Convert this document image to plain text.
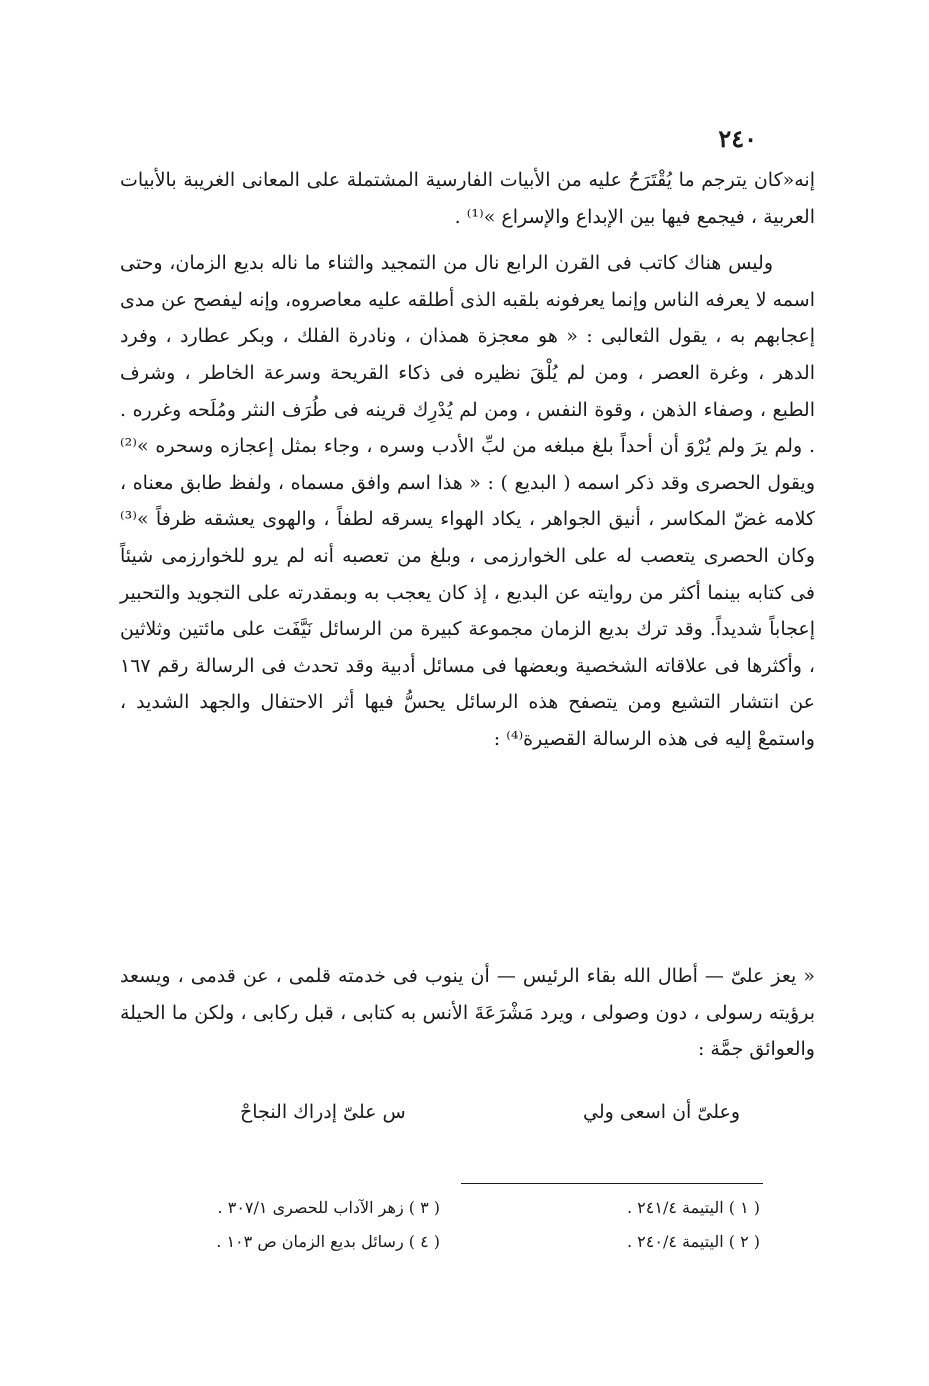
٢٤٠

إنه«كان يترجم ما يُقْتَرَحُ عليه من الأبيات الفارسية المشتملة على المعانى الغريبة بالأبيات العربية ، فيجمع فيها بين الإبداع والإسراع »⁽¹⁾ .

وليس هناك كاتب فى القرن الرابع نال من التمجيد والثناء ما ناله بديع الزمان، وحتى اسمه لا يعرفه الناس وإنما يعرفونه بلقبه الذى أطلقه عليه معاصروه، وإنه ليفصح عن مدى إعجابهم به ، يقول الثعالبى : « هو معجزة همذان ، ونادرة الفلك ، وبكر عطارد ، وفرد الدهر ، وغرة العصر ، ومن لم يُلْقَ نظيره فى ذكاء القريحة وسرعة الخاطر ، وشرف الطبع ، وصفاء الذهن ، وقوة النفس ، ومن لم يُدْرِك قرينه فى طُرَف النثر ومُلَحه وغرره . . ولم يرَ ولم يُرْوَ أن أحداً بلغ مبلغه من لبِّ الأدب وسره ، وجاء بمثل إعجازه وسحره »⁽²⁾ ويقول الحصرى وقد ذكر اسمه ( البديع ) : « هذا اسم وافق مسماه ، ولفظ طابق معناه ، كلامه غضّ المكاسر ، أنيق الجواهر ، يكاد الهواء يسرقه لطفاً ، والهوى يعشقه ظرفاً »⁽³⁾ وكان الحصرى يتعصب له على الخوارزمى ، وبلغ من تعصبه أنه لم يرو للخوارزمى شيئاً فى كتابه بينما أكثر من روايته عن البديع ، إذ كان يعجب به وبمقدرته على التجويد والتحبير إعجاباً شديداً. وقد ترك بديع الزمان مجموعة كبيرة من الرسائل نَيَّفَت على مائتين وثلاثين ، وأكثرها فى علاقاته الشخصية وبعضها فى مسائل أدبية وقد تحدث فى الرسالة رقم ١٦٧ عن انتشار التشيع ومن يتصفح هذه الرسائل يحسُّ فيها أثر الاحتفال والجهد الشديد ، واستمعْ إليه فى هذه الرسالة القصيرة⁽⁴⁾ :

« يعز علىّ — أطال الله بقاء الرئيس — أن ينوب فى خدمته قلمى ، عن قدمى ، ويسعد برؤيته رسولى ، دون وصولى ، ويرد مَشْرَعَةَ الأنس به كتابى ، قبل ركابى ، ولكن ما الحيلة والعوائق جمَّة :

وعلىّ أن اسعى ولي
س علىّ إدراك النجاحْ
( ١ ) اليتيمة ٢٤١/٤ .
( ٣ ) زهر الآداب للحصرى ٣٠٧/١ .
( ٢ ) اليتيمة ٢٤٠/٤ .
( ٤ ) رسائل بديع الزمان ص ١٠٣ .
